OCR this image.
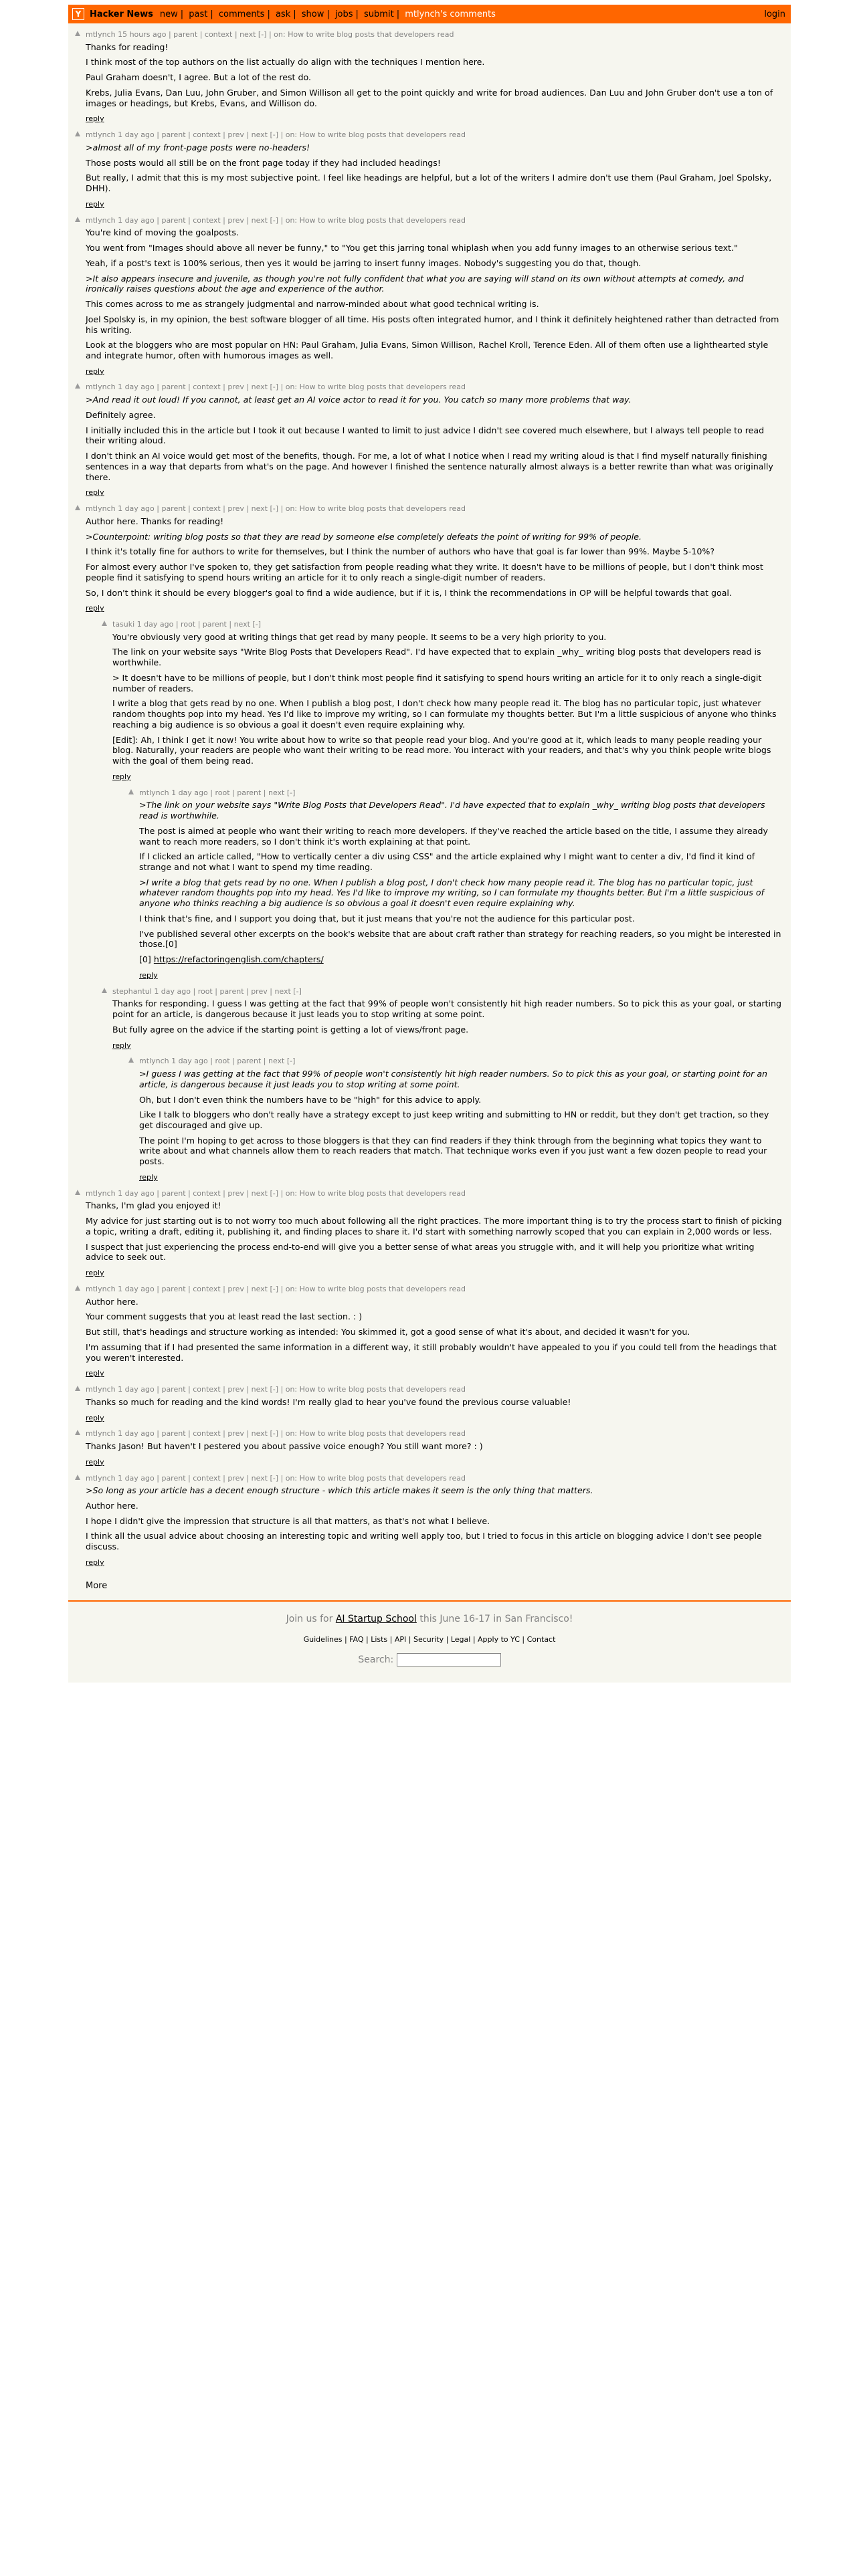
Y Hacker News new | past | comments | ask | show | jobs | submit | mtlynch's comments	login
mtlynch 15 hours ago | parent | context | next [-] | on: How to write blog posts that developers read

Thanks for reading!

I think most of the top authors on the list actually do align with the techniques I mention here.

Paul Graham doesn't, I agree. But a lot of the rest do.

Krebs, Julia Evans, Dan Luu, John Gruber, and Simon Willison all get to the point quickly and write for broad audiences. Dan Luu and John Gruber don't use a ton of images or headings, but Krebs, Evans, and Willison do.

reply
mtlynch 1 day ago | parent | context | prev | next [-] | on: How to write blog posts that developers read

>almost all of my front-page posts were no-headers!

Those posts would all still be on the front page today if they had included headings!

But really, I admit that this is my most subjective point. I feel like headings are helpful, but a lot of the writers I admire don't use them (Paul Graham, Joel Spolsky, DHH).

reply
mtlynch 1 day ago | parent | context | prev | next [-] | on: How to write blog posts that developers read

You're kind of moving the goalposts.

You went from "Images should above all never be funny," to "You get this jarring tonal whiplash when you add funny images to an otherwise serious text."

Yeah, if a post's text is 100% serious, then yes it would be jarring to insert funny images. Nobody's suggesting you do that, though.

>It also appears insecure and juvenile, as though you're not fully confident that what you are saying will stand on its own without attempts at comedy, and ironically raises questions about the age and experience of the author.

This comes across to me as strangely judgmental and narrow-minded about what good technical writing is.

Joel Spolsky is, in my opinion, the best software blogger of all time. His posts often integrated humor, and I think it definitely heightened rather than detracted from his writing.

Look at the bloggers who are most popular on HN: Paul Graham, Julia Evans, Simon Willison, Rachel Kroll, Terence Eden. All of them often use a lighthearted style and integrate humor, often with humorous images as well.

reply
mtlynch 1 day ago | parent | context | prev | next [-] | on: How to write blog posts that developers read

>And read it out loud! If you cannot, at least get an AI voice actor to read it for you. You catch so many more problems that way.

Definitely agree.

I initially included this in the article but I took it out because I wanted to limit to just advice I didn't see covered much elsewhere, but I always tell people to read their writing aloud.

I don't think an AI voice would get most of the benefits, though. For me, a lot of what I notice when I read my writing aloud is that I find myself naturally finishing sentences in a way that departs from what's on the page. And however I finished the sentence naturally almost always is a better rewrite than what was originally there.

reply
mtlynch 1 day ago | parent | context | prev | next [-] | on: How to write blog posts that developers read

Author here. Thanks for reading!

>Counterpoint: writing blog posts so that they are read by someone else completely defeats the point of writing for 99% of people.

I think it's totally fine for authors to write for themselves, but I think the number of authors who have that goal is far lower than 99%. Maybe 5-10%?

For almost every author I've spoken to, they get satisfaction from people reading what they write. It doesn't have to be millions of people, but I don't think most people find it satisfying to spend hours writing an article for it to only reach a single-digit number of readers.

So, I don't think it should be every blogger's goal to find a wide audience, but if it is, I think the recommendations in OP will be helpful towards that goal.

reply
tasuki 1 day ago | root | parent | next [-]

You're obviously very good at writing things that get read by many people. It seems to be a very high priority to you.

The link on your website says "Write Blog Posts that Developers Read". I'd have expected that to explain _why_ writing blog posts that developers read is worthwhile.

> It doesn't have to be millions of people, but I don't think most people find it satisfying to spend hours writing an article for it to only reach a single-digit number of readers.

I write a blog that gets read by no one. When I publish a blog post, I don't check how many people read it. The blog has no particular topic, just whatever random thoughts pop into my head. Yes I'd like to improve my writing, so I can formulate my thoughts better. But I'm a little suspicious of anyone who thinks reaching a big audience is so obvious a goal it doesn't even require explaining why.

[Edit]: Ah, I think I get it now! You write about how to write so that people read your blog. And you're good at it, which leads to many people reading your blog. Naturally, your readers are people who want their writing to be read more. You interact with your readers, and that's why you think people write blogs with the goal of them being read.

reply
mtlynch 1 day ago | root | parent | next [-]

>The link on your website says "Write Blog Posts that Developers Read". I'd have expected that to explain _why_ writing blog posts that developers read is worthwhile.

The post is aimed at people who want their writing to reach more developers. If they've reached the article based on the title, I assume they already want to reach more readers, so I don't think it's worth explaining at that point.

If I clicked an article called, "How to vertically center a div using CSS" and the article explained why I might want to center a div, I'd find it kind of strange and not what I want to spend my time reading.

>I write a blog that gets read by no one. When I publish a blog post, I don't check how many people read it. The blog has no particular topic, just whatever random thoughts pop into my head. Yes I'd like to improve my writing, so I can formulate my thoughts better. But I'm a little suspicious of anyone who thinks reaching a big audience is so obvious a goal it doesn't even require explaining why.

I think that's fine, and I support you doing that, but it just means that you're not the audience for this particular post.

I've published several other excerpts on the book's website that are about craft rather than strategy for reaching readers, so you might be interested in those.[0]

[0] https://refactoringenglish.com/chapters/

reply
stephantul 1 day ago | root | parent | prev | next [-]

Thanks for responding. I guess I was getting at the fact that 99% of people won't consistently hit high reader numbers. So to pick this as your goal, or starting point for an article, is dangerous because it just leads you to stop writing at some point.

But fully agree on the advice if the starting point is getting a lot of views/front page.

reply
mtlynch 1 day ago | root | parent | next [-]

>I guess I was getting at the fact that 99% of people won't consistently hit high reader numbers. So to pick this as your goal, or starting point for an article, is dangerous because it just leads you to stop writing at some point.

Oh, but I don't even think the numbers have to be "high" for this advice to apply.

Like I talk to bloggers who don't really have a strategy except to just keep writing and submitting to HN or reddit, but they don't get traction, so they get discouraged and give up.

The point I'm hoping to get across to those bloggers is that they can find readers if they think through from the beginning what topics they want to write about and what channels allow them to reach readers that match. That technique works even if you just want a few dozen people to read your posts.

reply
mtlynch 1 day ago | parent | context | prev | next [-] | on: How to write blog posts that developers read

Thanks, I'm glad you enjoyed it!

My advice for just starting out is to not worry too much about following all the right practices. The more important thing is to try the process start to finish of picking a topic, writing a draft, editing it, publishing it, and finding places to share it. I'd start with something narrowly scoped that you can explain in 2,000 words or less.

I suspect that just experiencing the process end-to-end will give you a better sense of what areas you struggle with, and it will help you prioritize what writing advice to seek out.

reply
mtlynch 1 day ago | parent | context | prev | next [-] | on: How to write blog posts that developers read

Author here.

Your comment suggests that you at least read the last section. : )

But still, that's headings and structure working as intended: You skimmed it, got a good sense of what it's about, and decided it wasn't for you.

I'm assuming that if I had presented the same information in a different way, it still probably wouldn't have appealed to you if you could tell from the headings that you weren't interested.

reply
mtlynch 1 day ago | parent | context | prev | next [-] | on: How to write blog posts that developers read

Thanks so much for reading and the kind words! I'm really glad to hear you've found the previous course valuable!

reply
mtlynch 1 day ago | parent | context | prev | next [-] | on: How to write blog posts that developers read

Thanks Jason! But haven't I pestered you about passive voice enough? You still want more? : )

reply
mtlynch 1 day ago | parent | context | prev | next [-] | on: How to write blog posts that developers read

>So long as your article has a decent enough structure - which this article makes it seem is the only thing that matters.

Author here.

I hope I didn't give the impression that structure is all that matters, as that's not what I believe.

I think all the usual advice about choosing an interesting topic and writing well apply too, but I tried to focus in this article on blogging advice I don't see people discuss.

reply
More
Join us for AI Startup School this June 16-17 in San Francisco!
Guidelines | FAQ | Lists | API | Security | Legal | Apply to YC | Contact
Search:
